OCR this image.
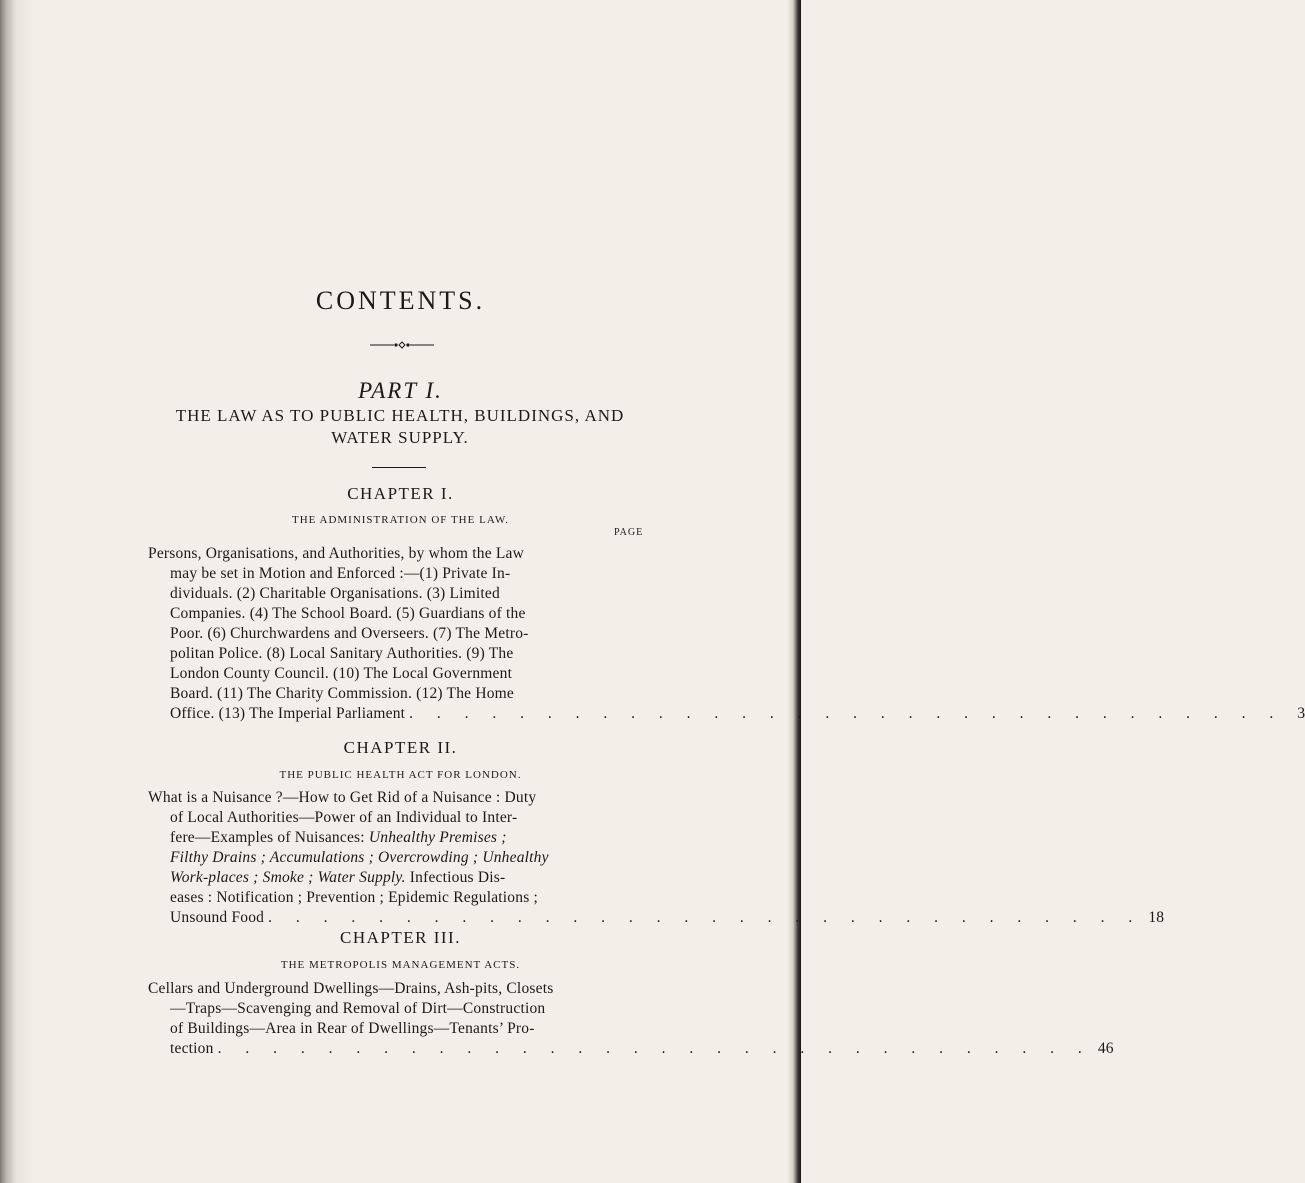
CONTENTS.
PART I.
THE LAW AS TO PUBLIC HEALTH, BUILDINGS, AND
WATER SUPPLY.
CHAPTER I.
THE ADMINISTRATION OF THE LAW.
PAGE
Persons, Organisations, and Authorities, by whom the Law
may be set in Motion and Enforced :—(1) Private In-
dividuals. (2) Charitable Organisations. (3) Limited
Companies. (4) The School Board. (5) Guardians of the
Poor. (6) Churchwardens and Overseers. (7) The Metro-
politan Police. (8) Local Sanitary Authorities. (9) The
London County Council. (10) The Local Government
Board. (11) The Charity Commission. (12) The Home
Office. (13) The Imperial Parliament . . . . . . . . . . . . . . . . . . . . . . . . . . . . . . . . 3
CHAPTER II.
THE PUBLIC HEALTH ACT FOR LONDON.
What is a Nuisance ?—How to Get Rid of a Nuisance : Duty
of Local Authorities—Power of an Individual to Inter-
fere—Examples of Nuisances: Unhealthy Premises ;
Filthy Drains ; Accumulations ; Overcrowding ; Unhealthy
Work-places ; Smoke ; Water Supply. Infectious Dis-
eases : Notification ; Prevention ; Epidemic Regulations ;
Unsound Food . . . . . . . . . . . . . . . . . . . . . . . . . . . . . . . . 18
CHAPTER III.
THE METROPOLIS MANAGEMENT ACTS.
Cellars and Underground Dwellings—Drains, Ash-pits, Closets
—Traps—Scavenging and Removal of Dirt—Construction
of Buildings—Area in Rear of Dwellings—Tenants’ Pro-
tection . . . . . . . . . . . . . . . . . . . . . . . . . . . . . . . . 46
